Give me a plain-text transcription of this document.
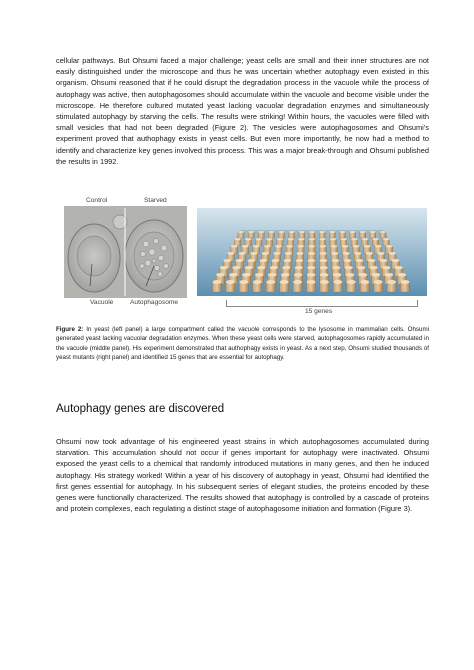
cellular pathways. But Ohsumi faced a major challenge; yeast cells are small and their inner structures are not easily distinguished under the microscope and thus he was uncertain whether autophagy even existed in this organism. Ohsumi reasoned that if he could disrupt the degradation process in the vacuole while the process of autophagy was active, then autophagosomes should accumulate within the vacuole and become visible under the microscope. He therefore cultured mutated yeast lacking vacuolar degradation enzymes and simultaneously stimulated autophagy by starving the cells. The results were striking! Within hours, the vacuoles were filled with small vesicles that had not been degraded (Figure 2). The vesicles were autophagosomes and Ohsumi’s experiment proved that authophagy exists in yeast cells. But even more importantly, he now had a method to identify and characterize key genes involved this process. This was a major break-through and Ohsumi published the results in 1992.

Control	Starved
Vacuole	Autophagosome
15 genes

Figure 2: In yeast (left panel) a large compartment called the vacuole corresponds to the lysosome in mammalian cells. Ohsumi generated yeast lacking vacuolar degradation enzymes. When these yeast cells were starved, autophagosomes rapidly accumulated in the vacuole (middle panel). His experiment demonstrated that authophagy exists in yeast. As a next step, Ohsumi studied thousands of yeast mutants (right panel) and identified 15 genes that are essential for autophagy.

Autophagy genes are discovered

Ohsumi now took advantage of his engineered yeast strains in which autophagosomes accumulated during starvation. This accumulation should not occur if genes important for autophagy were inactivated. Ohsumi exposed the yeast cells to a chemical that randomly introduced mutations in many genes, and then he induced autophagy. His strategy worked! Within a year of his discovery of autophagy in yeast, Ohsumi had identified the first genes essential for autophagy. In his subsequent series of elegant studies, the proteins encoded by these genes were functionally characterized. The results showed that autophagy is controlled by a cascade of proteins and protein complexes, each regulating a distinct stage of autophagosome initiation and formation (Figure 3).
